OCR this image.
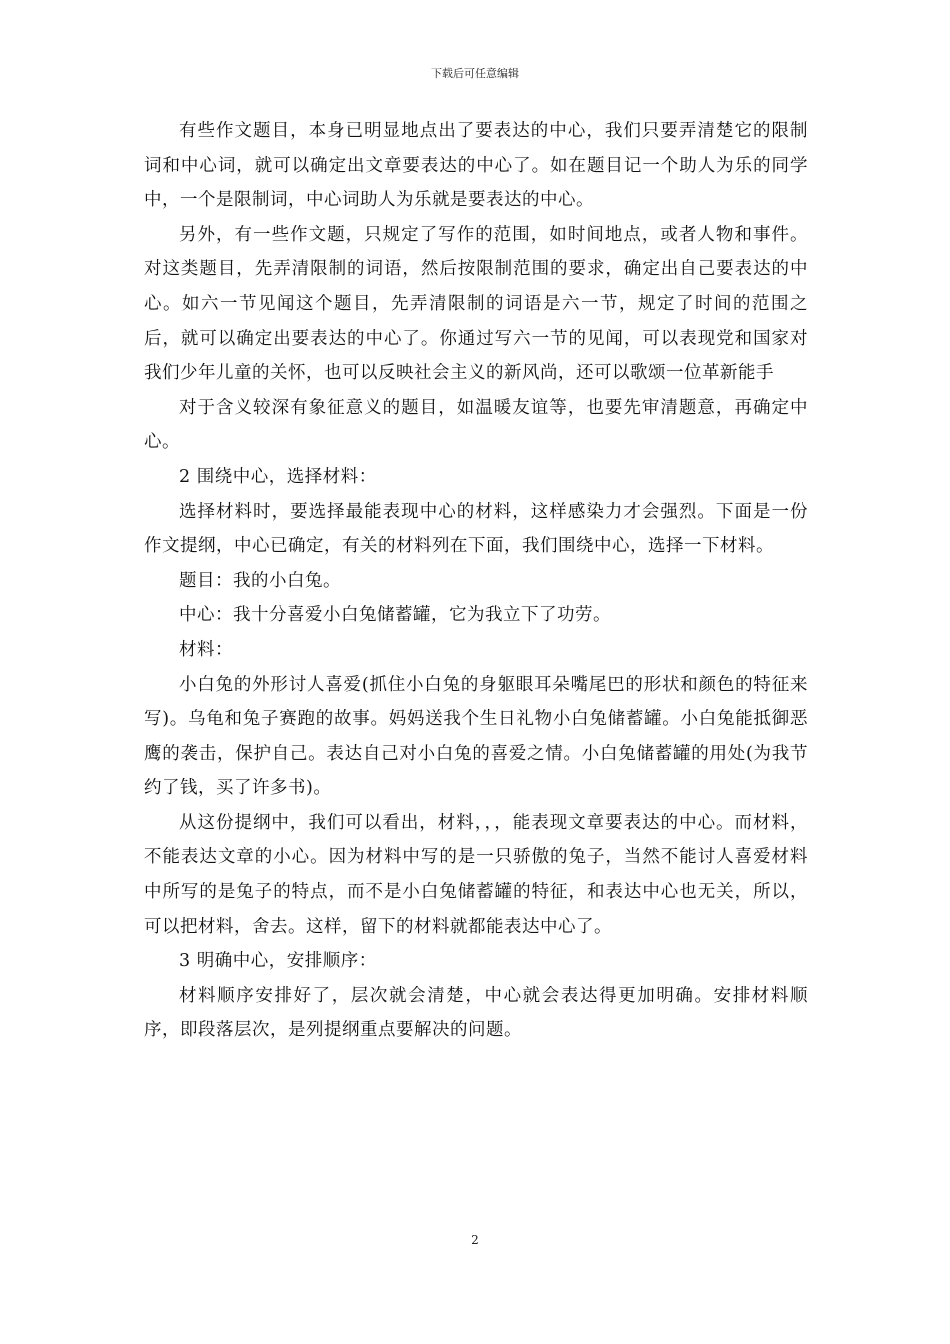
下载后可任意编辑

有些作文题目，本身已明显地点出了要表达的中心，我们只要弄清楚它的限制词和中心词，就可以确定出文章要表达的中心了。如在题目记一个助人为乐的同学中，一个是限制词，中心词助人为乐就是要表达的中心。

另外，有一些作文题，只规定了写作的范围，如时间地点，或者人物和事件。对这类题目，先弄清限制的词语，然后按限制范围的要求，确定出自己要表达的中心。如六一节见闻这个题目，先弄清限制的词语是六一节，规定了时间的范围之后，就可以确定出要表达的中心了。你通过写六一节的见闻，可以表现党和国家对我们少年儿童的关怀，也可以反映社会主义的新风尚，还可以歌颂一位革新能手

对于含义较深有象征意义的题目，如温暖友谊等，也要先审清题意，再确定中心。

2 围绕中心，选择材料：

选择材料时，要选择最能表现中心的材料，这样感染力才会强烈。下面是一份作文提纲，中心已确定，有关的材料列在下面，我们围绕中心，选择一下材料。

题目：我的小白兔。

中心：我十分喜爱小白兔储蓄罐，它为我立下了功劳。

材料：

小白兔的外形讨人喜爱(抓住小白兔的身躯眼耳朵嘴尾巴的形状和颜色的特征来写)。乌龟和兔子赛跑的故事。妈妈送我个生日礼物小白兔储蓄罐。小白兔能抵御恶鹰的袭击，保护自己。表达自己对小白兔的喜爱之情。小白兔储蓄罐的用处(为我节约了钱，买了许多书)。

从这份提纲中，我们可以看出，材料，，，能表现文章要表达的中心。而材料，不能表达文章的小心。因为材料中写的是一只骄傲的兔子，当然不能讨人喜爱材料中所写的是兔子的特点，而不是小白兔储蓄罐的特征，和表达中心也无关，所以，可以把材料，舍去。这样，留下的材料就都能表达中心了。

3 明确中心，安排顺序：

材料顺序安排好了，层次就会清楚，中心就会表达得更加明确。安排材料顺序，即段落层次，是列提纲重点要解决的问题。

2
